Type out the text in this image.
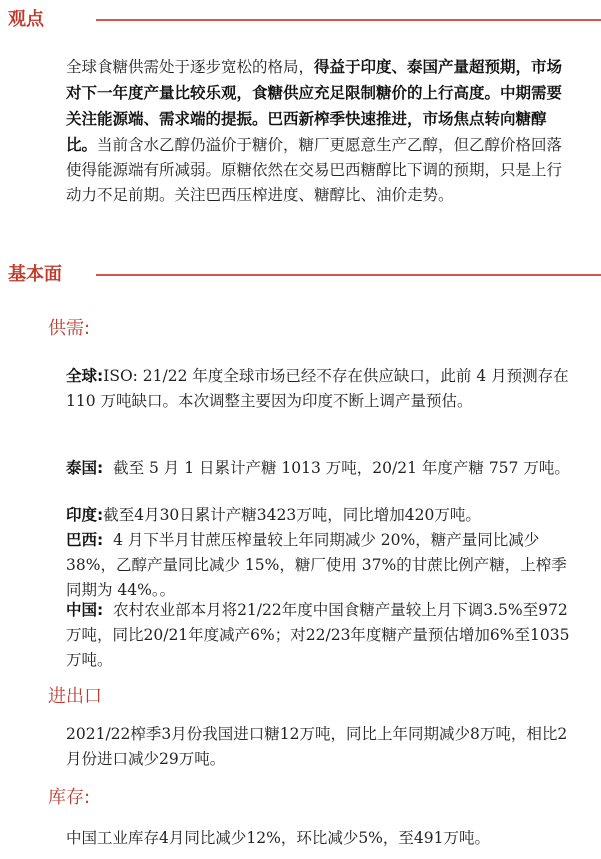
观点

全球食糖供需处于逐步宽松的格局，得益于印度、泰国产量超预期，市场对下一年度产量比较乐观，食糖供应充足限制糖价的上行高度。中期需要关注能源端、需求端的提振。巴西新榨季快速推进，市场焦点转向糖醇比。当前含水乙醇仍溢价于糖价，糖厂更愿意生产乙醇，但乙醇价格回落使得能源端有所减弱。原糖依然在交易巴西糖醇比下调的预期，只是上行动力不足前期。关注巴西压榨进度、糖醇比、油价走势。

基本面
供需:

全球:ISO: 21/22 年度全球市场已经不存在供应缺口，此前 4 月预测存在 110 万吨缺口。本次调整主要因为印度不断上调产量预估。

泰国: 截至 5 月 1 日累计产糖 1013 万吨，20/21 年度产糖 757 万吨。

印度:截至4月30日累计产糖3423万吨，同比增加420万吨。

巴西: 4 月下半月甘蔗压榨量较上年同期减少 20%，糖产量同比减少 38%，乙醇产量同比减少 15%，糖厂使用 37%的甘蔗比例产糖，上榨季同期为 44%。。

中国: 农村农业部本月将21/22年度中国食糖产量较上月下调3.5%至972万吨，同比20/21年度减产6%；对22/23年度糖产量预估增加6%至1035万吨。

进出口

2021/22榨季3月份我国进口糖12万吨，同比上年同期减少8万吨，相比2月份进口减少29万吨。

库存:

中国工业库存4月同比减少12%，环比减少5%，至491万吨。
